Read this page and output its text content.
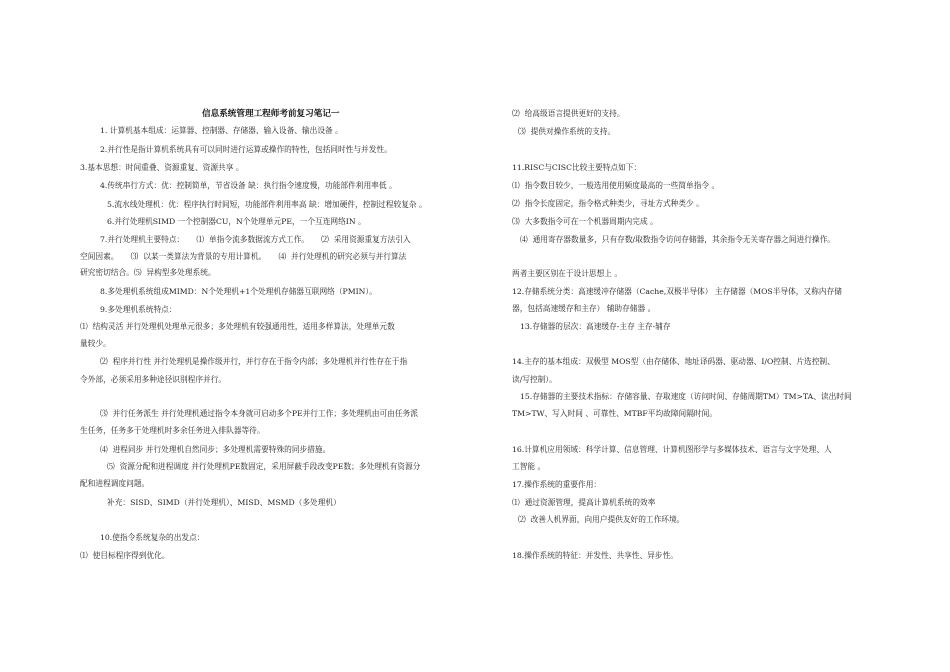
信息系统管理工程师考前复习笔记一
1. 计算机基本组成：运算器、控制器、存储器、输入设备、输出设备 。
2.并行性是指计算机系统具有可以同时进行运算或操作的特性，包括同时性与并发性。
3.基本思想：时间重叠、资源重复、资源共享 。
4.传统串行方式：优：控制简单，节省设备 缺：执行指令速度慢，功能部件利用率低 。
5.流水线处理机：优：程序执行时间短，功能部件利用率高 缺：增加硬件，控制过程较复杂 。
6.并行处理机SIMD 一个控制器CU，N个处理单元PE，一个互连网络IN 。
7.并行处理机主要特点：     ⑴  单指令流多数据流方式工作。     ⑵  采用资源重复方法引入
空间因素。     ⑶  以某一类算法为背景的专用计算机。     ⑷  并行处理机的研究必须与并行算法
研究密切结合。⑸  异构型多处理系统。
8.多处理机系统组成MIMD：N个处理机+1个处理机存储器互联网络（PMIN）。
9.多处理机系统特点：
⑴  结构灵活 并行处理机处理单元很多；多处理机有较强通用性，适用多样算法，处理单元数
量较少。
⑵  程序并行性 并行处理机是操作级并行，并行存在于指令内部；多处理机并行性存在于指
令外部，必须采用多种途径识别程序并行。
⑶  并行任务派生 并行处理机通过指令本身就可启动多个PE并行工作；多处理机由可由任务派
生任务，任务多于处理机时多余任务进入排队器等待。
⑷  进程同步 并行处理机自然同步；多处理机需要特殊的同步措施。
⑸  资源分配和进程调度 并行处理机PE数固定，采用屏蔽手段改变PE数；多处理机有资源分
配和进程调度问题。
补充：SISD、SIMD（并行处理机）、MISD、MSMD（多处理机）
10.使指令系统复杂的出发点：
⑴  使目标程序得到优化。
⑵  给高级语言提供更好的支持。
⑶  提供对操作系统的支持。
11.RISC与CISC比较主要特点如下：
⑴  指令数目较少，一般选用使用频度最高的一些简单指令 。
⑵  指令长度固定，指令格式种类少，寻址方式种类少 。
⑶  大多数指令可在一个机器周期内完成 。
⑷  通用寄存器数量多，只有存数/取数指令访问存储器，其余指令无关寄存器之间进行操作。
两者主要区别在于设计思想上 。
12.存储系统分类：高速缓冲存储器（Cache,双极半导体） 主存储器（MOS半导体，又称内存储
器，包括高速缓存和主存） 辅助存储器 。
13.存储器的层次：高速缓存-主存 主存-辅存
14.主存的基本组成：双极型 MOS型（由存储体、地址译码器、驱动器、I/O控制、片选控制、
读/写控制）。
15.存储器的主要技术指标：存储容量、存取速度（访问时间、存储周期TM）TM>TA、读出时间
TM>TW、写入时间 、可靠性、MTBF平均故障间隔时间。
16.计算机应用领域：科学计算、信息管理、计算机图形学与多媒体技术、语言与文字处理、人
工智能 。
17.操作系统的重要作用：
⑴  通过资源管理，提高计算机系统的效率
⑵  改善人机界面，向用户提供友好的工作环境。
18.操作系统的特征：并发性、共享性、异步性。
